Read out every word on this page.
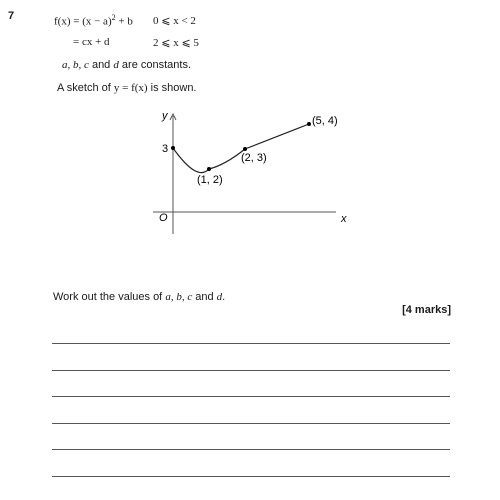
7	$f(x) = (x - a)^2 + b$ 0 ⩽ x < 2
= cx + d	2 ⩽ x ⩽ 5
a, b, c and d are constants.
A sketch of y = f(x) is shown.
y
x
O
3
(1, 2)
(2, 3)
(5, 4)
Work out the values of a, b, c and d.
[4 marks]
